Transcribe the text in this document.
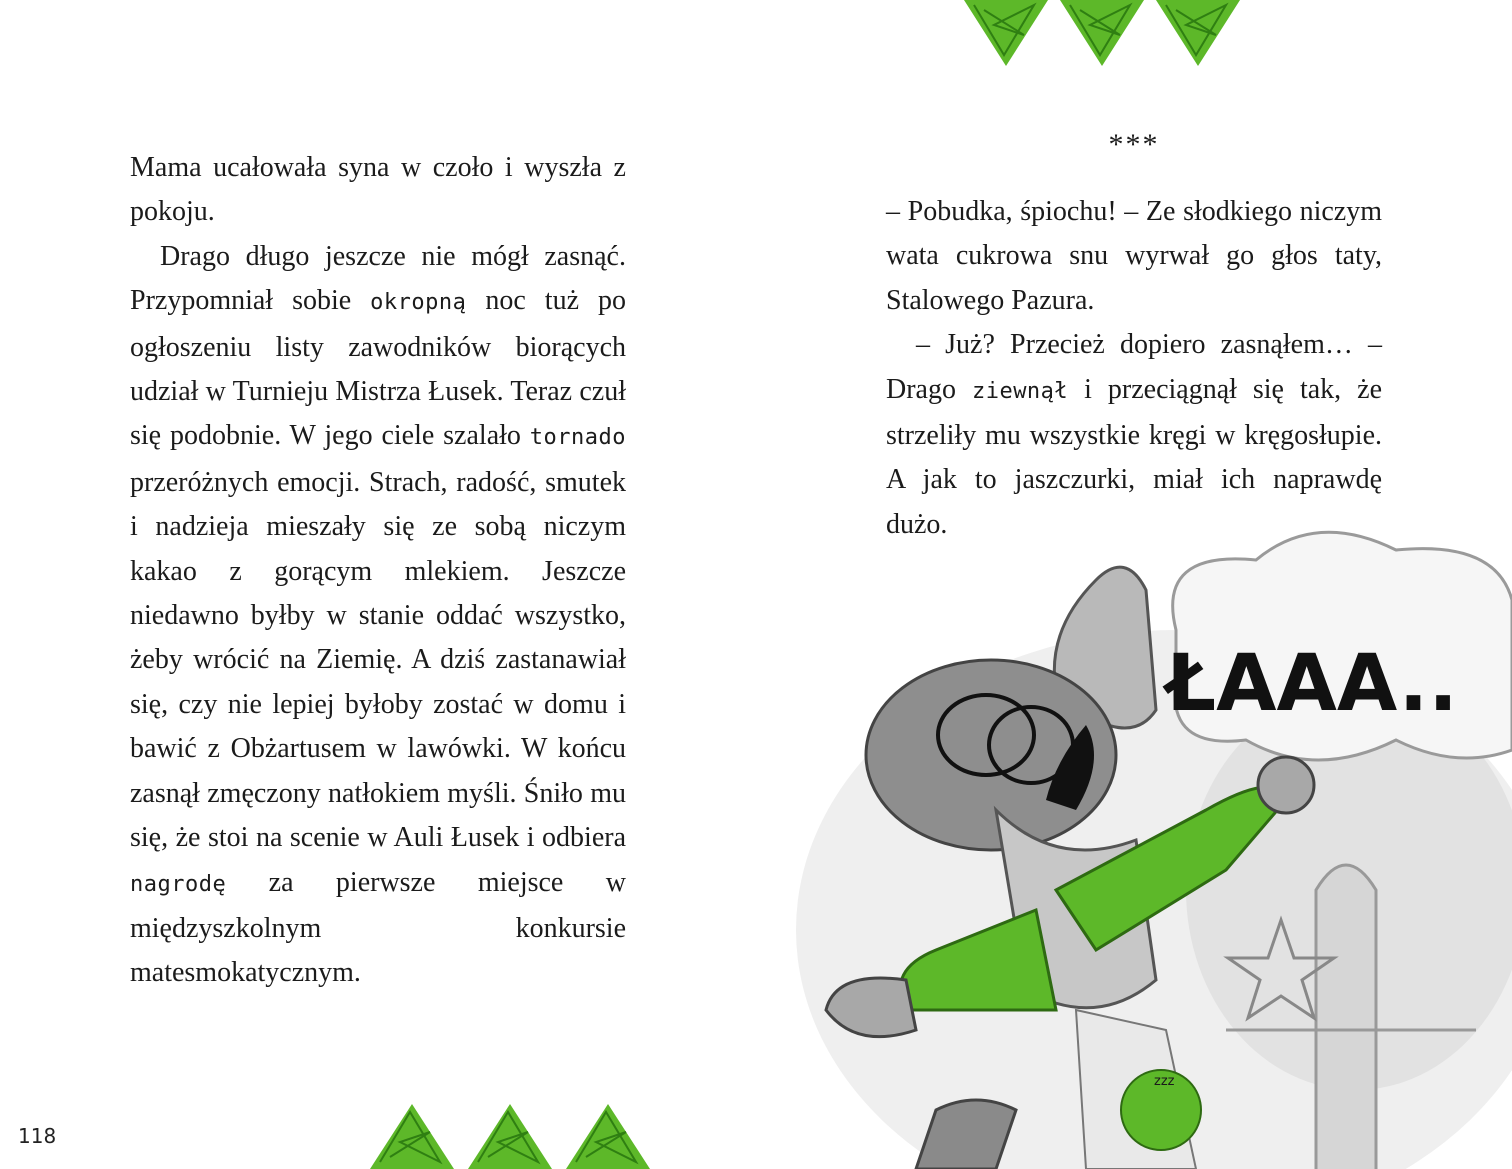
Mama ucałowała syna w czoło i wyszła z pokoju.

Drago długo jeszcze nie mógł zasnąć. Przypomniał sobie okropną noc tuż po ogłoszeniu listy zawodników biorących udział w Turnieju Mistrza Łusek. Teraz czuł się podobnie. W jego ciele szalało tornado przeróżnych emocji. Strach, radość, smutek i nadzieja mieszały się ze sobą niczym kakao z gorącym mlekiem. Jeszcze niedawno byłby w stanie oddać wszystko, żeby wrócić na Ziemię. A dziś zastanawiał się, czy nie lepiej byłoby zostać w domu i bawić z Obżartusem w lawówki. W końcu zasnął zmęczony natłokiem myśli. Śniło mu się, że stoi na scenie w Auli Łusek i odbiera nagrodę za pierwsze miejsce w międzyszkolnym konkursie matesmokatycznym.

118
***

– Pobudka, śpiochu! – Ze słodkiego niczym wata cukrowa snu wyrwał go głos taty, Stalowego Pazura.

– Już? Przecież dopiero zasnąłem… – Drago ziewnął i przeciągnął się tak, że strzeliły mu wszystkie kręgi w kręgosłupie. A jak to jaszczurki, miał ich naprawdę dużo.

ŁAAA..
zzz
